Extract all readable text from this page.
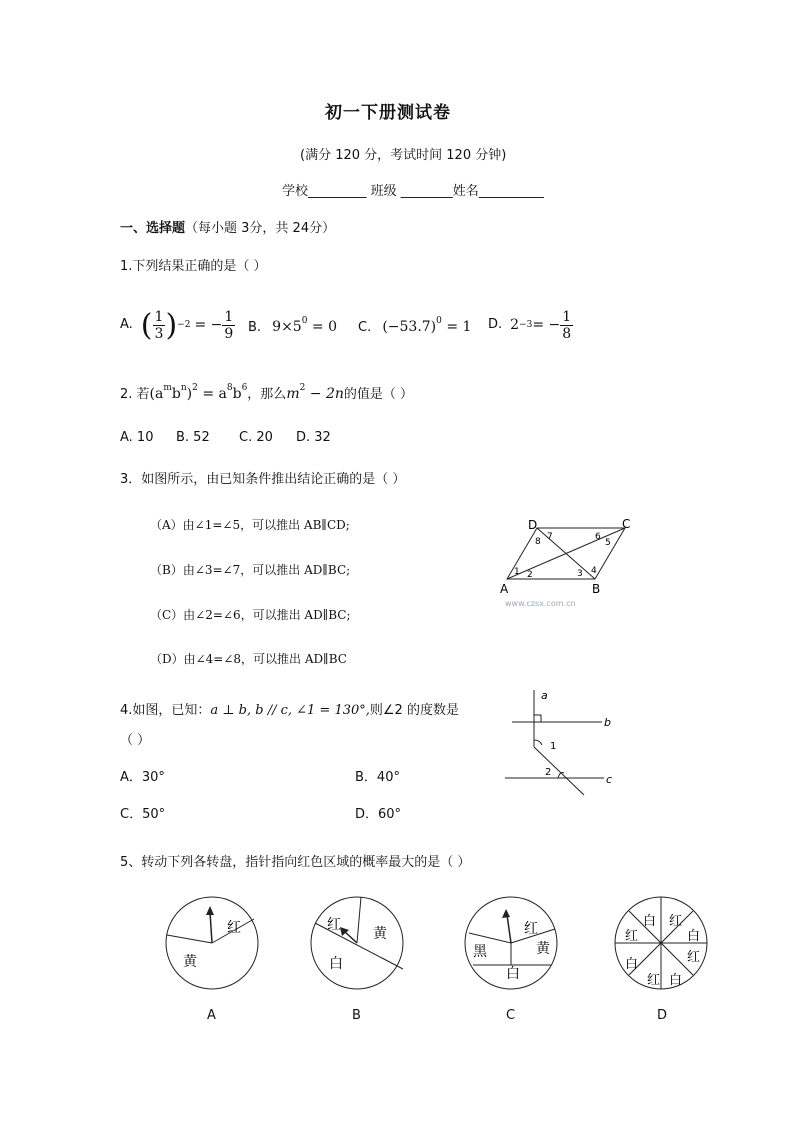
初一下册测试卷
(满分 120 分，考试时间 120 分钟)
学校_________ 班级 ________姓名__________
一、选择题（每小题 3分，共 24分）
1.下列结果正确的是（ ）
A. ( $\frac{1}{3}$ ) −2 = − $\frac{1}{9} B$. $9\times 5^0 = 0$ C. $(-53.7)^0 = 1$ D. 2 −3 = − $\frac{1}{8}$
2. 若$(a^mb^n)^2 = a^8b^6$，那么$m^2 - 2n$的值是（ ）
A. 10 B. 52 C. 20 D. 32
3．如图所示，由已知条件推出结论正确的是（ ）
（A）由∠1=∠5，可以推出 AB∥CD;
（B）由∠3=∠7，可以推出 AD∥BC;
（C）由∠2=∠6，可以推出 AD∥BC;
（D）由∠4=∠8，可以推出 AD∥BC
A	B
C
D
1 2	3 4
5
6
7
8
www.czsx.com.cn
4.如图，已知：a ⊥ b, b // c, ∠1 = 130°,则∠2 的度数是
（ ）
A．30°	B．40°
C．50°	D．60°
a
b
c
1
2
5、转动下列各转盘，指针指向红色区域的概率最大的是（ ）
红
黄
A
红
黄
白
B
红
黄
白
黑
C
白 红
红	白
白	红
红 白
D
